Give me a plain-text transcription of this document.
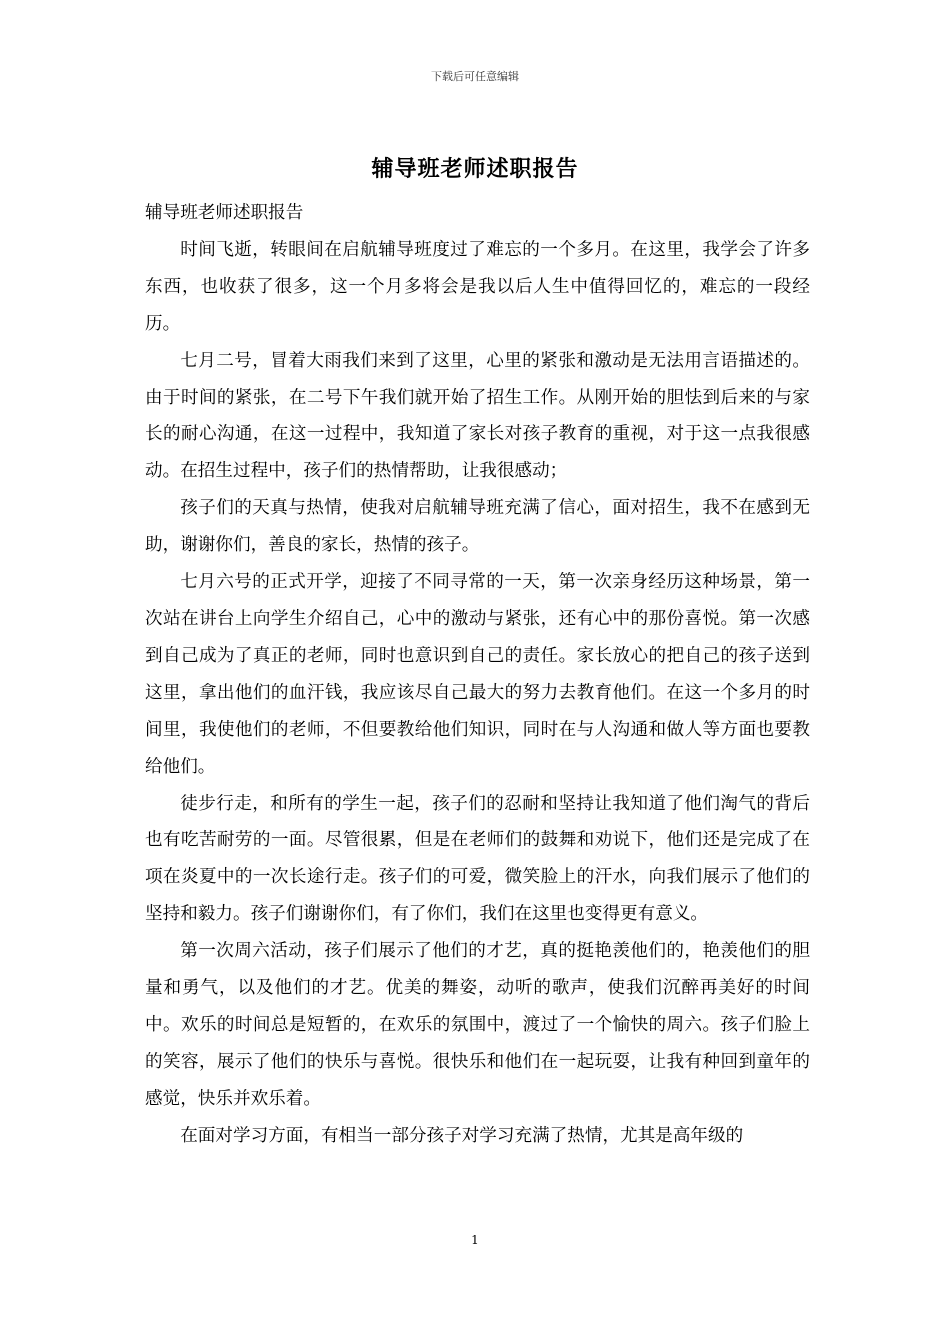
下载后可任意编辑
辅导班老师述职报告

辅导班老师述职报告

时间飞逝，转眼间在启航辅导班度过了难忘的一个多月。在这里，我学会了许多东西，也收获了很多，这一个月多将会是我以后人生中值得回忆的，难忘的一段经历。

七月二号，冒着大雨我们来到了这里，心里的紧张和激动是无法用言语描述的。由于时间的紧张，在二号下午我们就开始了招生工作。从刚开始的胆怯到后来的与家长的耐心沟通，在这一过程中，我知道了家长对孩子教育的重视，对于这一点我很感动。在招生过程中，孩子们的热情帮助，让我很感动；

孩子们的天真与热情，使我对启航辅导班充满了信心，面对招生，我不在感到无助，谢谢你们，善良的家长，热情的孩子。

七月六号的正式开学，迎接了不同寻常的一天，第一次亲身经历这种场景，第一次站在讲台上向学生介绍自己，心中的激动与紧张，还有心中的那份喜悦。第一次感到自己成为了真正的老师，同时也意识到自己的责任。家长放心的把自己的孩子送到这里，拿出他们的血汗钱，我应该尽自己最大的努力去教育他们。在这一个多月的时间里，我使他们的老师，不但要教给他们知识，同时在与人沟通和做人等方面也要教给他们。

徒步行走，和所有的学生一起，孩子们的忍耐和坚持让我知道了他们淘气的背后也有吃苦耐劳的一面。尽管很累，但是在老师们的鼓舞和劝说下，他们还是完成了在项在炎夏中的一次长途行走。孩子们的可爱，微笑脸上的汗水，向我们展示了他们的坚持和毅力。孩子们谢谢你们，有了你们，我们在这里也变得更有意义。

第一次周六活动，孩子们展示了他们的才艺，真的挺艳羡他们的，艳羡他们的胆量和勇气，以及他们的才艺。优美的舞姿，动听的歌声，使我们沉醉再美好的时间中。欢乐的时间总是短暂的，在欢乐的氛围中，渡过了一个愉快的周六。孩子们脸上的笑容，展示了他们的快乐与喜悦。很快乐和他们在一起玩耍，让我有种回到童年的感觉，快乐并欢乐着。

在面对学习方面，有相当一部分孩子对学习充满了热情，尤其是高年级的

1
